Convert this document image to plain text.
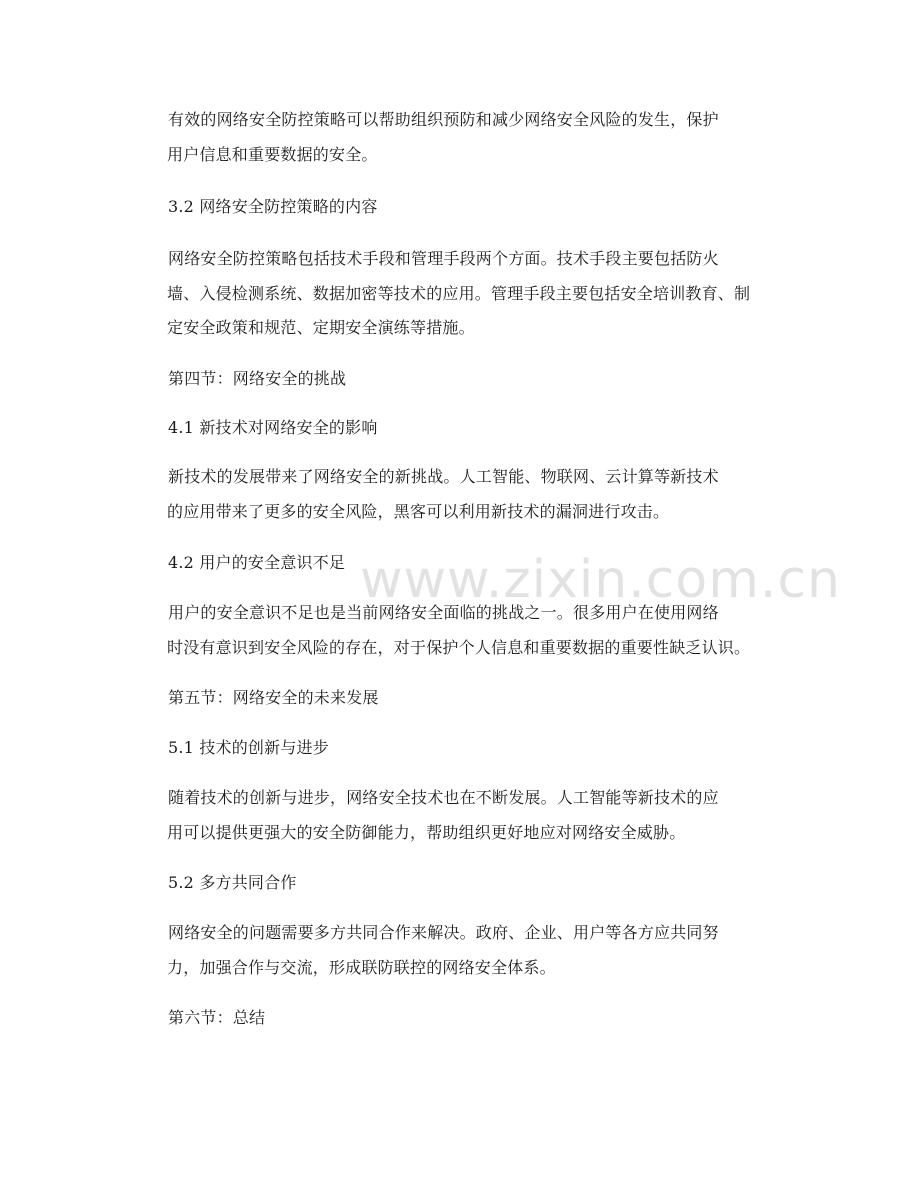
www.zixin.com.cn
有效的网络安全防控策略可以帮助组织预防和减少网络安全风险的发生，保护
用户信息和重要数据的安全。
3.2 网络安全防控策略的内容
网络安全防控策略包括技术手段和管理手段两个方面。技术手段主要包括防火
墙、入侵检测系统、数据加密等技术的应用。管理手段主要包括安全培训教育、制
定安全政策和规范、定期安全演练等措施。
第四节：网络安全的挑战
4.1 新技术对网络安全的影响
新技术的发展带来了网络安全的新挑战。人工智能、物联网、云计算等新技术
的应用带来了更多的安全风险，黑客可以利用新技术的漏洞进行攻击。
4.2 用户的安全意识不足
用户的安全意识不足也是当前网络安全面临的挑战之一。很多用户在使用网络
时没有意识到安全风险的存在，对于保护个人信息和重要数据的重要性缺乏认识。
第五节：网络安全的未来发展
5.1 技术的创新与进步
随着技术的创新与进步，网络安全技术也在不断发展。人工智能等新技术的应
用可以提供更强大的安全防御能力，帮助组织更好地应对网络安全威胁。
5.2 多方共同合作
网络安全的问题需要多方共同合作来解决。政府、企业、用户等各方应共同努
力，加强合作与交流，形成联防联控的网络安全体系。
第六节：总结
